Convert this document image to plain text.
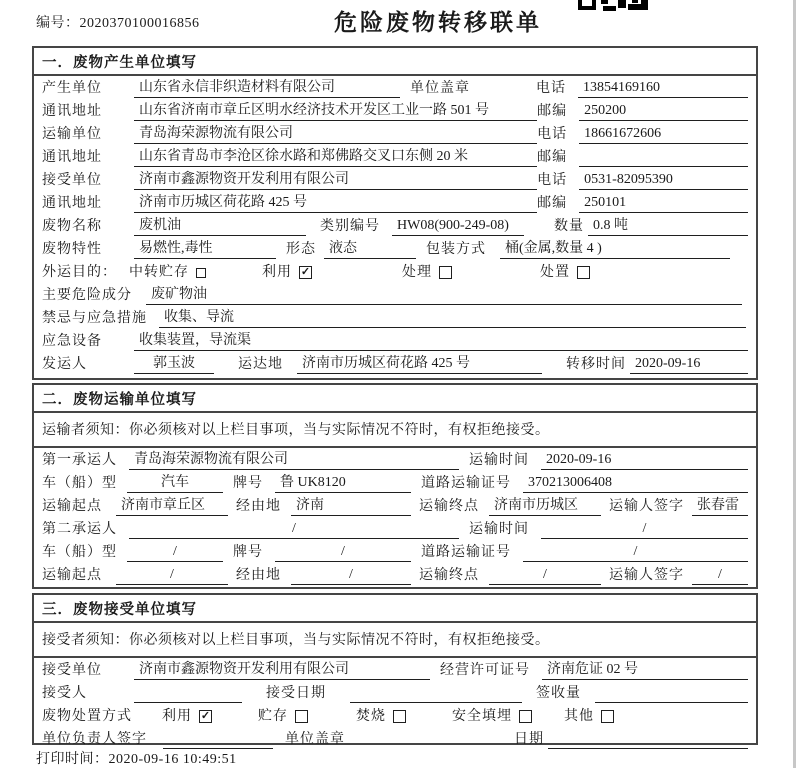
编号：2020370100016856	危险废物转移联单
一．废物产生单位填写
产生单位	山东省永信非织造材料有限公司	单位盖章	电话	13854169160
通讯地址	山东省济南市章丘区明水经济技术开发区工业一路 501 号	邮编	250200
运输单位	青岛海荣源物流有限公司	电话	18661672606
通讯地址	山东省青岛市李沧区徐水路和郑佛路交叉口东侧 20 米	邮编
接受单位	济南市鑫源物资开发利用有限公司	电话	0531-82095390
通讯地址	济南市历城区荷花路 425 号	邮编	250101
废物名称	废机油	类别编号	HW08(900-249-08)	数量 0.8 吨
废物特性	易燃性,毒性	形态 液态	包装方式	桶(金属,数量 4 )
外运目的： 中转贮存	利用 ✓	处理	处置
主要危险成分	废矿物油
禁忌与应急措施	收集、导流
应急设备	收集装置，导流渠
发运人	郭玉波	运达地	济南市历城区荷花路 425 号	转移时间 2020-09-16
二．废物运输单位填写
运输者须知：你必须核对以上栏目事项，当与实际情况不符时，有权拒绝接受。
第一承运人	青岛海荣源物流有限公司	运输时间	2020-09-16
车（船）型	汽车	牌号	鲁 UK8120	道路运输证号	370213006408
运输起点	济南市章丘区	经由地	济南	运输终点	济南市历城区	运输人签字 张春雷
第二承运人	/	运输时间	/
车（船）型	/	牌号	/	道路运输证号	/
运输起点	/	经由地	/	运输终点	/	运输人签字	/
三．废物接受单位填写
接受者须知：你必须核对以上栏目事项，当与实际情况不符时，有权拒绝接受。
接受单位	济南市鑫源物资开发利用有限公司	经营许可证号	济南危证 02 号
接受人	接受日期	签收量
废物处置方式 利用 ✓	贮存	焚烧	安全填埋	其他
单位负责人签字	单位盖章	日期
打印时间：2020-09-16 10:49:51
